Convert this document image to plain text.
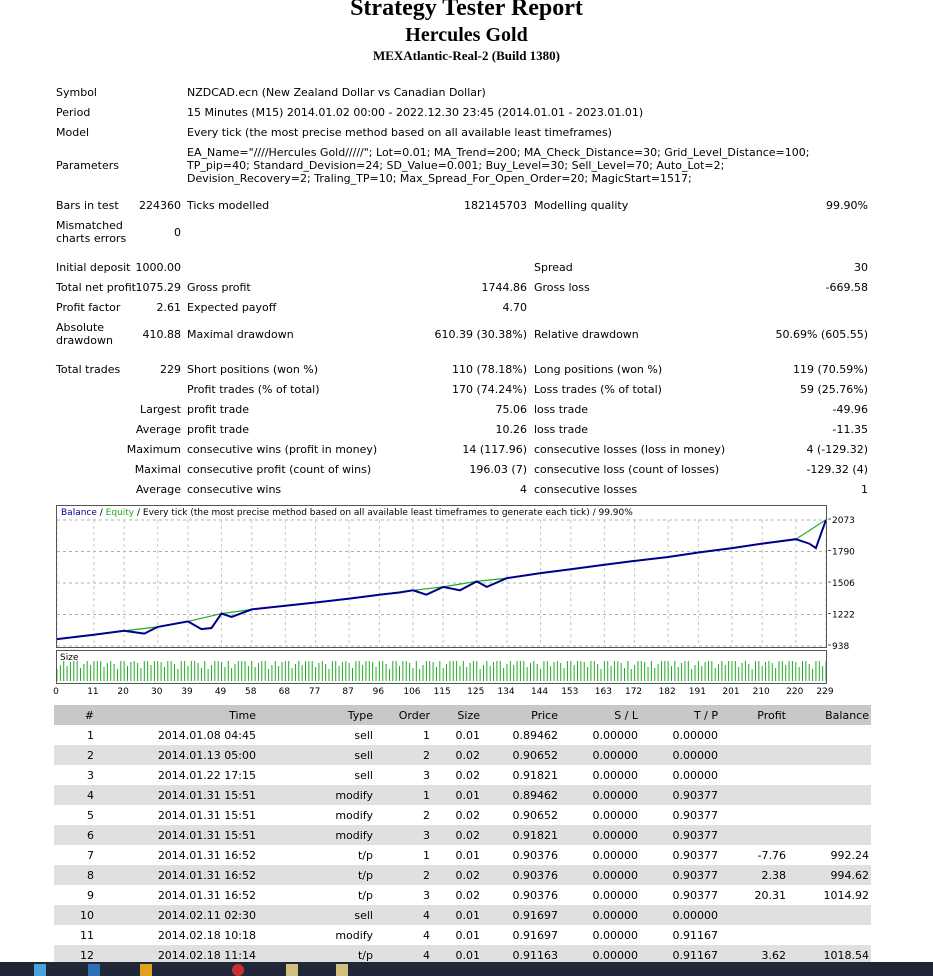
Strategy Tester Report
Hercules Gold
MEXAtlantic-Real-2 (Build 1380)
Symbol	NZDCAD.ecn (New Zealand Dollar vs Canadian Dollar)
Period	15 Minutes (M15) 2014.01.02 00:00 - 2022.12.30 23:45 (2014.01.01 - 2023.01.01)
Model	Every tick (the most precise method based on all available least timeframes)
Parameters
EA_Name="////Hercules Gold/////"; Lot=0.01; MA_Trend=200; MA_Check_Distance=30; Grid_Level_Distance=100; TP_pip=40; Standard_Devision=24; SD_Value=0.001; Buy_Level=30; Sell_Level=70; Auto_Lot=2; Devision_Recovery=2; Traling_TP=10; Max_Spread_For_Open_Order=20; MagicStart=1517;
Bars in test	224360 Ticks modelled	182145703 Modelling quality	99.90%
Mismatched
charts errors	0
Initial deposit 1000.00	Spread	30
Total net profit 1075.29 Gross profit	1744.86 Gross loss	-669.58
Profit factor	2.61 Expected payoff	4.70
Absolute
drawdown	410.88 Maximal drawdown	610.39 (30.38%) Relative drawdown	50.69% (605.55)
Total trades	229 Short positions (won %)	110 (78.18%) Long positions (won %)	119 (70.59%)
Profit trades (% of total)	170 (74.24%) Loss trades (% of total)	59 (25.76%)
Largest profit trade	75.06 loss trade	-49.96
Average profit trade	10.26 loss trade	-11.35
Maximum consecutive wins (profit in money)	14 (117.96) consecutive losses (loss in money)	4 (-129.32)
Maximal consecutive profit (count of wins)	196.03 (7) consecutive loss (count of losses)	-129.32 (4)
Average consecutive wins	4 consecutive losses	1
Balance / Equity / Every tick (the most precise method based on all available least timeframes to generate each tick) / 99.90%
2073
1790
1506
1222
938
Size
0	11 20 30 39 49 58 68 77 87 96 106 115 125 134 144 153 163 172 182 191 201 210 220 229
#	Time	Type	Order	Size	Price	S / L	T / P	Profit	Balance
1	2014.01.08 04:45	sell	1	0.01	0.89462	0.00000	0.00000		
2	2014.01.13 05:00	sell	2	0.02	0.90652	0.00000	0.00000		
3	2014.01.22 17:15	sell	3	0.02	0.91821	0.00000	0.00000		
4	2014.01.31 15:51	modify	1	0.01	0.89462	0.00000	0.90377		
5	2014.01.31 15:51	modify	2	0.02	0.90652	0.00000	0.90377		
6	2014.01.31 15:51	modify	3	0.02	0.91821	0.00000	0.90377		
7	2014.01.31 16:52	t/p	1	0.01	0.90376	0.00000	0.90377	-7.76	992.24
8	2014.01.31 16:52	t/p	2	0.02	0.90376	0.00000	0.90377	2.38	994.62
9	2014.01.31 16:52	t/p	3	0.02	0.90376	0.00000	0.90377	20.31	1014.92
10	2014.02.11 02:30	sell	4	0.01	0.91697	0.00000	0.00000		
11	2014.02.18 10:18	modify	4	0.01	0.91697	0.00000	0.91167		
12	2014.02.18 11:14	t/p	4	0.01	0.91163	0.00000	0.91167	3.62	1018.54
